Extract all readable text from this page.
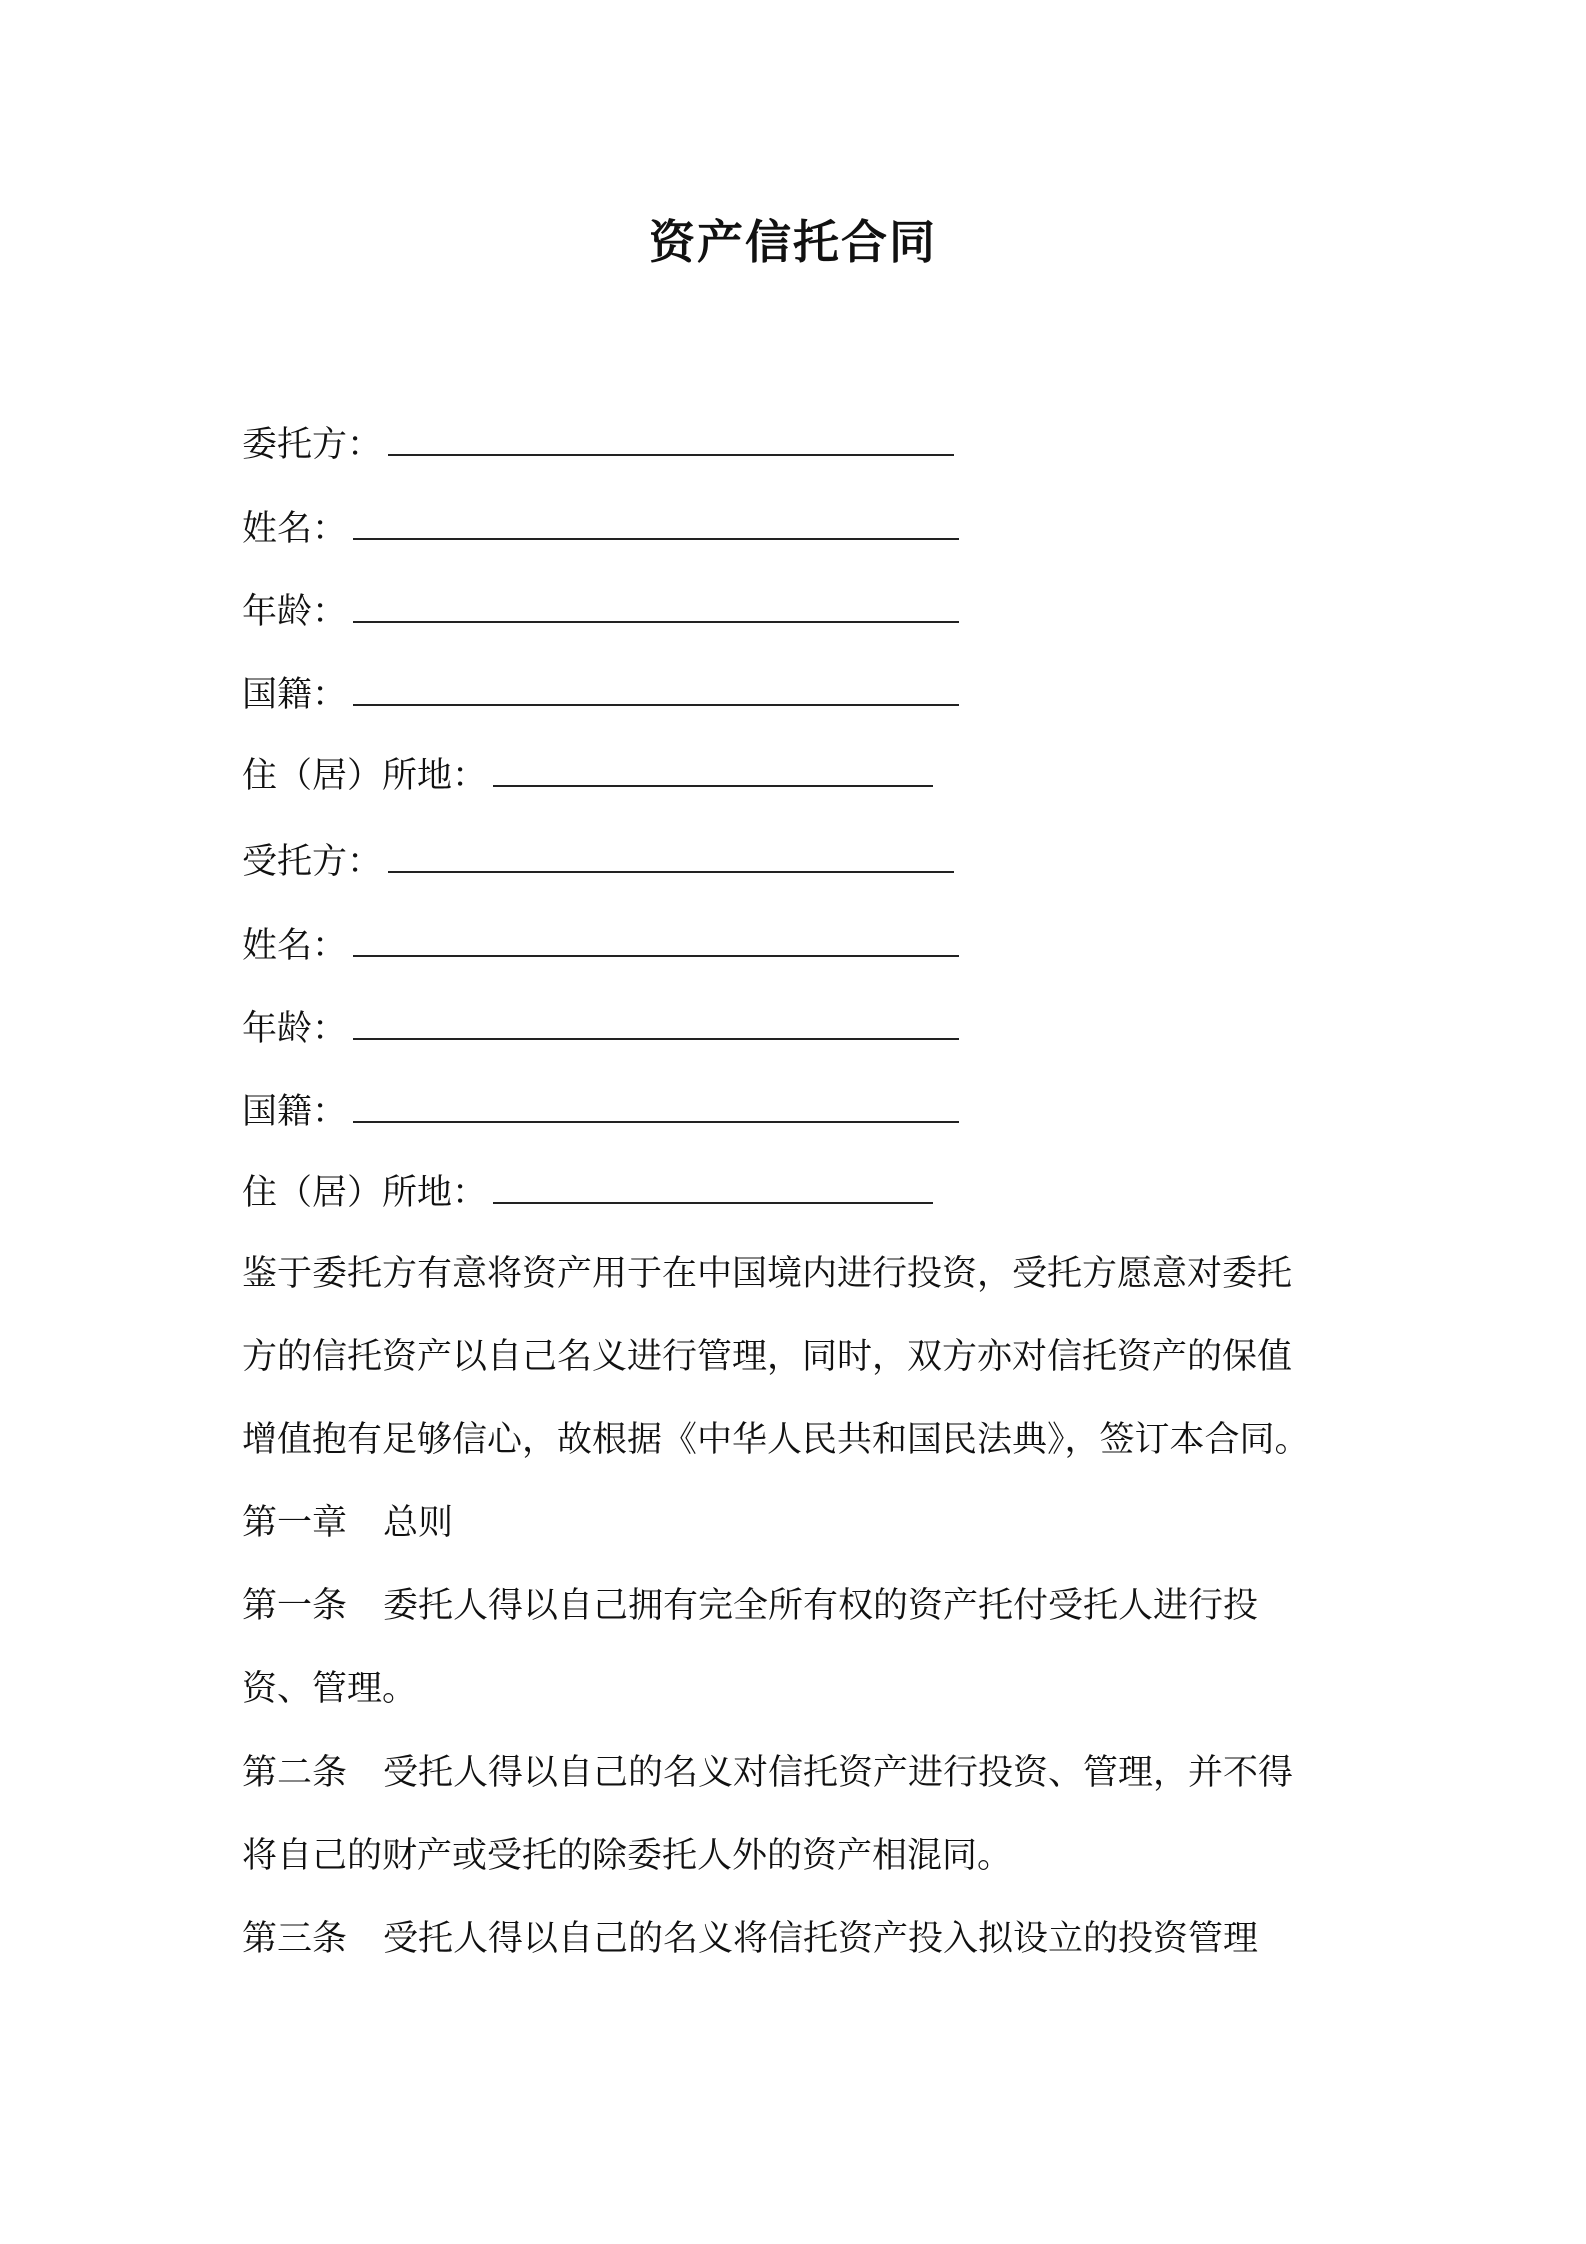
资产信托合同
委托方：
姓名：
年龄：
国籍：
住（居）所地：
受托方：
姓名：
年龄：
国籍：
住（居）所地：
鉴于委托方有意将资产用于在中国境内进行投资，受托方愿意对委托
方的信托资产以自己名义进行管理，同时，双方亦对信托资产的保值
增值抱有足够信心，故根据《中华人民共和国民法典》，签订本合同。
第一章 总则
第一条 委托人得以自己拥有完全所有权的资产托付受托人进行投
资、管理。
第二条 受托人得以自己的名义对信托资产进行投资、管理，并不得
将自己的财产或受托的除委托人外的资产相混同。
第三条 受托人得以自己的名义将信托资产投入拟设立的投资管理
